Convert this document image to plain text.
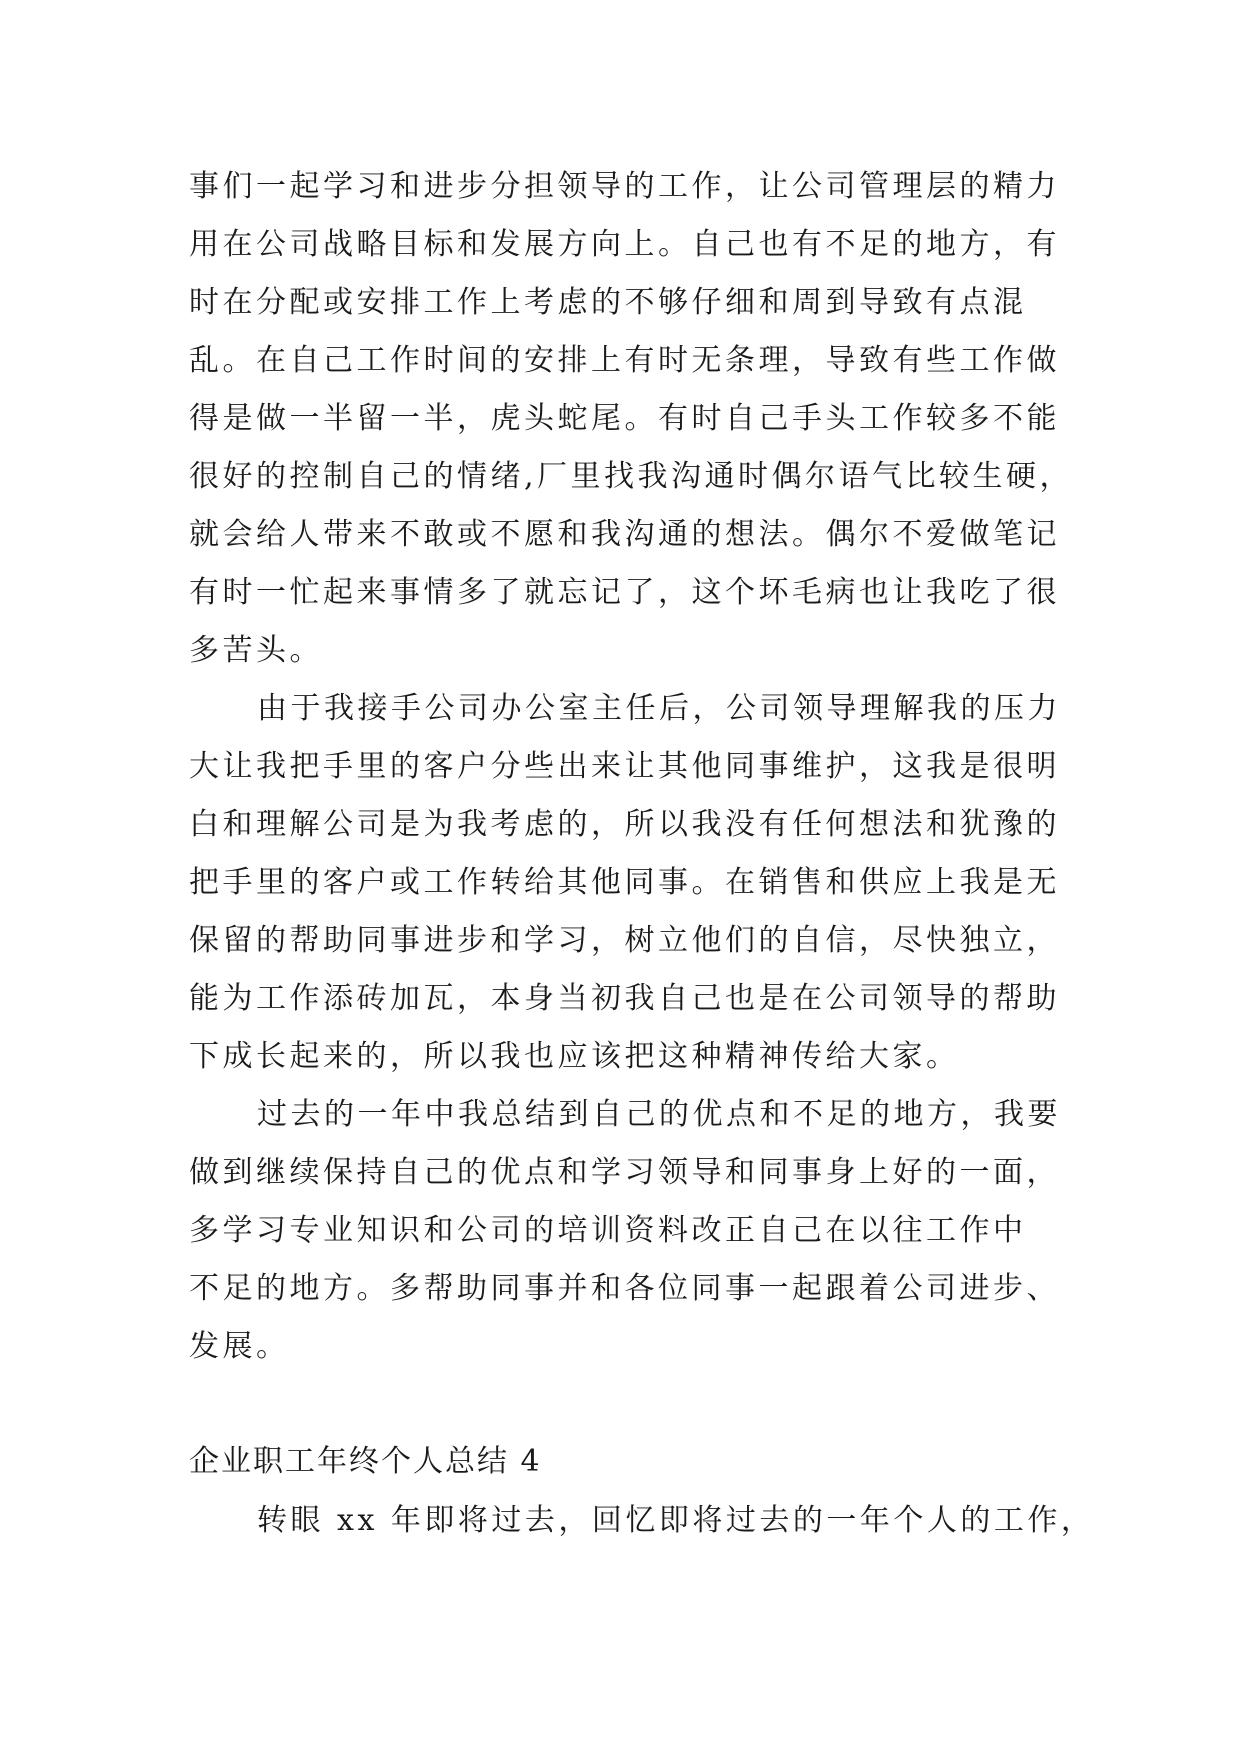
事们一起学习和进步分担领导的工作，让公司管理层的精力
用在公司战略目标和发展方向上。自己也有不足的地方，有
时在分配或安排工作上考虑的不够仔细和周到导致有点混
乱。在自己工作时间的安排上有时无条理，导致有些工作做
得是做一半留一半，虎头蛇尾。有时自己手头工作较多不能
很好的控制自己的情绪,厂里找我沟通时偶尔语气比较生硬，
就会给人带来不敢或不愿和我沟通的想法。偶尔不爱做笔记
有时一忙起来事情多了就忘记了，这个坏毛病也让我吃了很
多苦头。
由于我接手公司办公室主任后，公司领导理解我的压力
大让我把手里的客户分些出来让其他同事维护，这我是很明
白和理解公司是为我考虑的，所以我没有任何想法和犹豫的
把手里的客户或工作转给其他同事。在销售和供应上我是无
保留的帮助同事进步和学习，树立他们的自信，尽快独立，
能为工作添砖加瓦，本身当初我自己也是在公司领导的帮助
下成长起来的，所以我也应该把这种精神传给大家。
过去的一年中我总结到自己的优点和不足的地方，我要
做到继续保持自己的优点和学习领导和同事身上好的一面，
多学习专业知识和公司的培训资料改正自己在以往工作中
不足的地方。多帮助同事并和各位同事一起跟着公司进步、
发展。
企业职工年终个人总结 4
转眼 xx 年即将过去，回忆即将过去的一年个人的工作，
